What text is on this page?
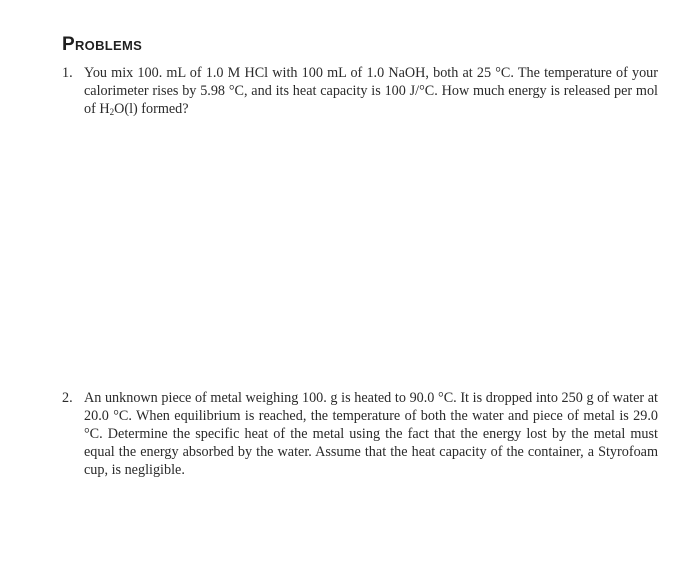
Problems
1. You mix 100. mL of 1.0 M HCl with 100 mL of 1.0 NaOH, both at 25 °C. The temperature of your calorimeter rises by 5.98 °C, and its heat capacity is 100 J/°C. How much energy is released per mol of $H_2O(l)$ formed?
2. An unknown piece of metal weighing 100. g is heated to 90.0 °C. It is dropped into 250 g of water at 20.0 °C. When equilibrium is reached, the temperature of both the water and piece of metal is 29.0 °C. Determine the specific heat of the metal using the fact that the energy lost by the metal must equal the energy absorbed by the water. Assume that the heat capacity of the container, a Styrofoam cup, is negligible.
